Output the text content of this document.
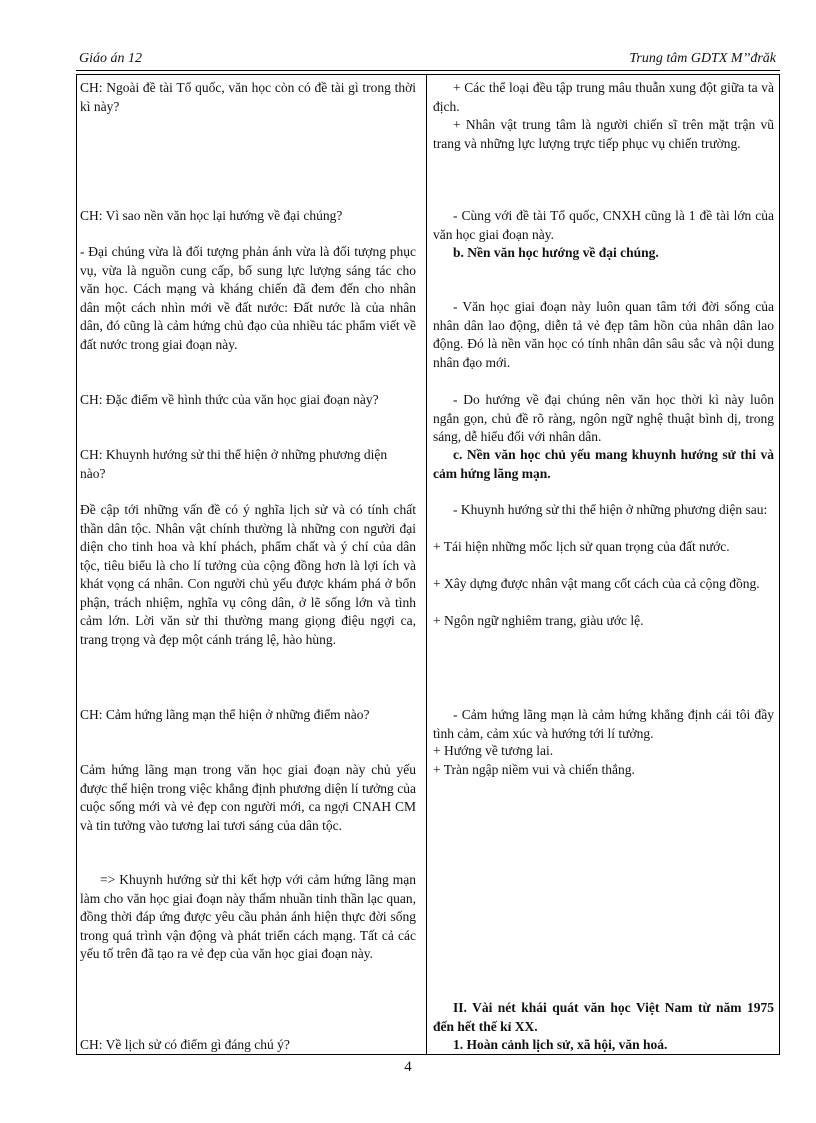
Giáo án 12	Trung tâm GDTX M’’đrăk

CH: Ngoài đề tài Tổ quốc, văn học còn có đề tài gì trong thời kì này?

CH: Vì sao nền văn học lại hướng về đại chúng?

- Đại chúng vừa là đối tượng phản ánh vừa là đối tượng phục vụ, vừa là nguồn cung cấp, bổ sung lực lượng sáng tác cho văn học. Cách mạng và kháng chiến đã đem đến cho nhân dân một cách nhìn mới về đất nước: Đất nước là của nhân dân, đó cũng là cảm hứng chủ đạo của nhiều tác phẩm viết về đất nước trong giai đoạn này.

CH: Đặc điểm về hình thức của văn học giai đoạn này?

CH: Khuynh hướng sử thi thể hiện ở những phương diện nào?

Đề cập tới những vấn đề có ý nghĩa lịch sử và có tính chất thần dân tộc. Nhân vật chính thường là những con người đại diện cho tinh hoa và khí phách, phẩm chất và ý chí của dân tộc, tiêu biểu là cho lí tưởng của cộng đồng hơn là lợi ích và khát vọng cá nhân. Con người chủ yếu được khám phá ở bổn phận, trách nhiệm, nghĩa vụ công dân, ở lẽ sống lớn và tình cảm lớn. Lời văn sử thi thường mang giọng điệu ngợi ca, trang trọng và đẹp một cánh tráng lệ, hào hùng.

CH: Cảm hứng lãng mạn thể hiện ở những điểm nào?

Cảm hứng lãng mạn trong văn học giai đoạn này chủ yếu được thể hiện trong việc khẳng định phương diện lí tưởng của cuộc sống mới và vẻ đẹp con người mới, ca ngợi CNAH CM và tin tưởng vào tương lai tươi sáng của dân tộc.

=> Khuynh hướng sử thi kết hợp với cảm hứng lãng mạn làm cho văn học giai đoạn này thấm nhuần tinh thần lạc quan, đồng thời đáp ứng được yêu cầu phản ánh hiện thực đời sống trong quá trình vận động và phát triển cách mạng. Tất cả các yếu tố trên đã tạo ra vẻ đẹp của văn học giai đoạn này.

CH: Về lịch sử có điểm gì đáng chú ý?

+ Các thể loại đều tập trung mâu thuẫn xung đột giữa ta và địch.

+ Nhân vật trung tâm là người chiến sĩ trên mặt trận vũ trang và những lực lượng trực tiếp phục vụ chiến trường.

- Cùng với đề tài Tổ quốc, CNXH cũng là 1 đề tài lớn của văn học giai đoạn này.

b. Nền văn học hướng về đại chúng.

- Văn học giai đoạn này luôn quan tâm tới đời sống của nhân dân lao động, diễn tả vẻ đẹp tâm hồn của nhân dân lao động. Đó là nền văn học có tính nhân dân sâu sắc và nội dung nhân đạo mới.

- Do hướng về đại chúng nên văn học thời kì này luôn ngắn gọn, chủ đề rõ ràng, ngôn ngữ nghệ thuật bình dị, trong sáng, dễ hiểu đối với nhân dân.

c. Nền văn học chủ yếu mang khuynh hướng sử thi và cảm hứng lãng mạn.

- Khuynh hướng sử thi thể hiện ở những phương diện sau:

+ Tái hiện những mốc lịch sử quan trọng của đất nước.

+ Xây dựng được nhân vật mang cốt cách của cả cộng đồng.

+ Ngôn ngữ nghiêm trang, giàu ước lệ.

- Cảm hứng lãng mạn là cảm hứng khẳng định cái tôi đầy tình cảm, cảm xúc và hướng tới lí tưởng.

+ Hướng về tương lai.

+ Tràn ngập niềm vui và chiến thắng.

II. Vài nét khái quát văn học Việt Nam từ năm 1975 đến hết thế kỉ XX.

1. Hoàn cảnh lịch sử, xã hội, văn hoá.

4
